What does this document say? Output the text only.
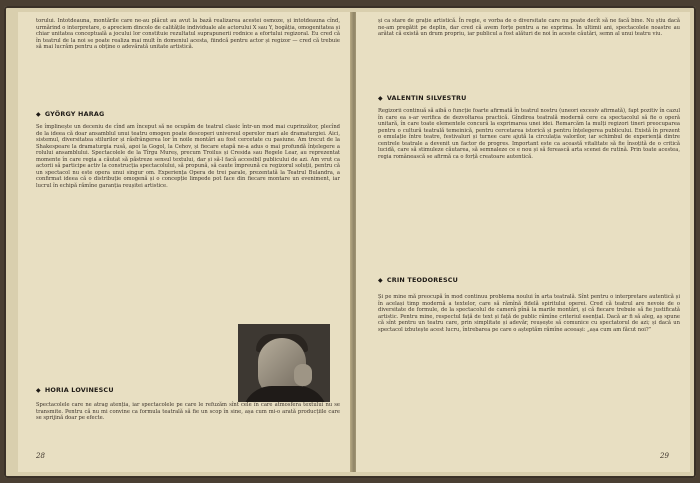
torului. Intotdeauna, montările care ne-au plăcut au avut la bază realizarea acestei osmoze, și intotdeauna cînd, urmărind o interpretare, o apreciem dincolo de calitățile individuale ale actorului X sau Y, bogăția, omogenitatea și chiar unitatea conceptuală a jocului lor constituie rezultatul suprapunerii rodnice a efortului regizoral. Eu cred că în teatrul de la noi se poate realiza mai mult în domeniul acesta, fiindcă pentru actor și regizor — cred că trebuie să mai lucrăm pentru a obține o adevărată unitate artistică.

◆ GYÖRGY HARAG

Se împlinește un deceniu de cînd am început să ne ocupăm de teatrul clasic într-un mod mai cuprinzător, plecînd de la ideea că doar ansamblul unui teatru omogen poate descoperi universul operelor mari ale dramaturgiei. Aici, sistemul, diversitatea stilurilor și răsfrângerea lor în noile montări au fost cercetate cu pasiune. Am trecut de la Shakespeare la dramaturgia rusă, apoi la Gogol, la Cehov, și fiecare etapă ne-a adus o mai profundă înțelegere a rolului ansamblului. Spectacolele de la Tîrgu Mureș, precum Troilus și Cresida sau Regele Lear, au reprezentat momente în care regia a căutat să păstreze sensul textului, dar și să-l facă accesibil publicului de azi. Am vrut ca actorii să participe activ la construcția spectacolului, să propună, să caute împreună cu regizorul soluții, pentru că un spectacol nu este opera unui singur om. Experiența Opera de trei parale, prezentată la Teatrul Bulandra, a confirmat ideea că o distribuție omogenă și o concepție limpede pot face din fiecare montare un eveniment, iar lucrul în echipă rămîne garanția reușitei artistice.

◆ HORIA LOVINESCU

Spectacolele care ne atrag atenția, iar spectacolele pe care le refuzăm sînt cele în care atmosfera textului nu se transmite. Pentru că nu mi convine ca formula teatrală să fie un scop în sine, așa cum mi-o arată producțiile care se sprijină doar pe efecte.

28

și ca stare de grație artistică. În regie, e vorba de o diversitate care nu poate decît să ne facă bine. Nu știu dacă ne-am pregătit pe deplin, dar cred că avem forțe pentru a ne exprima. În ultimii ani, spectacolele noastre au arătat că există un drum propriu, iar publicul a fost alături de noi în aceste căutări, semn al unui teatru viu.

◆ VALENTIN SILVESTRU

Regizorii continuă să aibă o funcție foarte afirmată în teatrul nostru (uneori excesiv afirmată), fapt pozitiv în cazul în care ea s-ar verifica de dezvoltarea practică. Gîndirea teatrală modernă cere ca spectacolul să fie o operă unitară, în care toate elementele concură la exprimarea unei idei. Remarcăm la mulți regizori tineri preocuparea pentru o cultură teatrală temeinică, pentru cercetarea istorică și pentru înțelegerea publicului. Există în prezent o emulație între teatre, festivaluri și turnee care ajută la circulația valorilor, iar schimbul de experiență dintre centrele teatrale a devenit un factor de progres. Important este ca această vitalitate să fie însoțită de o critică lucidă, care să stimuleze căutarea, să semnaleze ce e nou și să ferească arta scenei de rutină. Prin toate acestea, regia românească se afirmă ca o forță creatoare autentică.

◆ CRIN TEODORESCU

Și pe mine mă preocupă în mod continuu problema noului în arta teatrală. Sînt pentru o interpretare autentică și în același timp modernă a textelor, care să rămînă fidelă spiritului operei. Cred că teatrul are nevoie de o diversitate de formule, de la spectacolul de cameră pînă la marile montări, și că fiecare trebuie să fie justificată artistic. Pentru mine, respectul față de text și față de public rămîne criteriul esențial. Dacă ar fi să aleg, aș spune că sînt pentru un teatru care, prin simplitate și adevăr, reușește să comunice cu spectatorul de azi; și dacă un spectacol izbutește acest lucru, întrebarea pe care o așteptăm rămîne aceeași: „așa cum am făcut noi?”

29
